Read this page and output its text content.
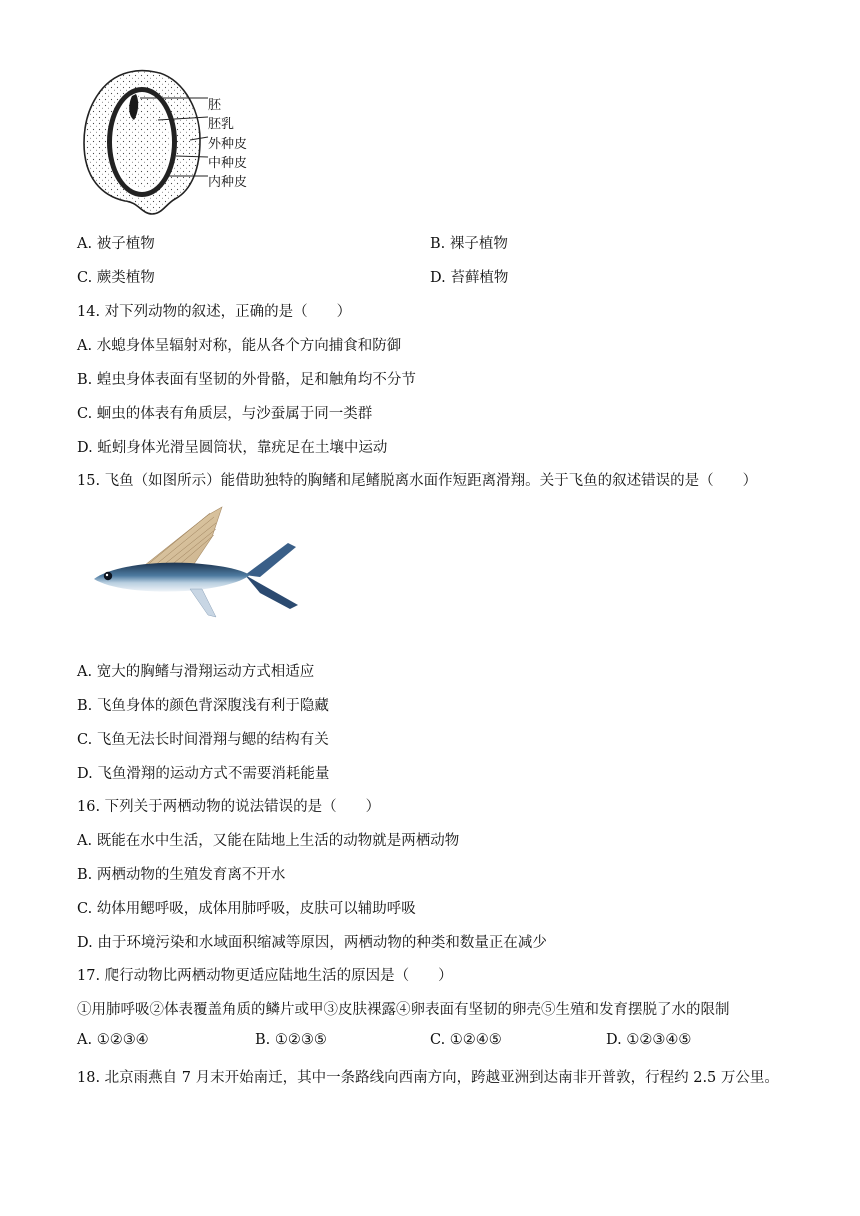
胚
胚乳
外种皮
中种皮
内种皮
A. 被子植物	B. 裸子植物
C. 蕨类植物	D. 苔藓植物
14. 对下列动物的叙述，正确的是（　　）
A. 水螅身体呈辐射对称，能从各个方向捕食和防御
B. 蝗虫身体表面有坚韧的外骨骼，足和触角均不分节
C. 蛔虫的体表有角质层，与沙蚕属于同一类群
D. 蚯蚓身体光滑呈圆筒状，靠疣足在土壤中运动
15. 飞鱼（如图所示）能借助独特的胸鳍和尾鳍脱离水面作短距离滑翔。关于飞鱼的叙述错误的是（　　）
A. 宽大的胸鳍与滑翔运动方式相适应
B. 飞鱼身体的颜色背深腹浅有利于隐藏
C. 飞鱼无法长时间滑翔与鳃的结构有关
D. 飞鱼滑翔的运动方式不需要消耗能量
16. 下列关于两栖动物的说法错误的是（　　）
A. 既能在水中生活，又能在陆地上生活的动物就是两栖动物
B. 两栖动物的生殖发育离不开水
C. 幼体用鳃呼吸，成体用肺呼吸，皮肤可以辅助呼吸
D. 由于环境污染和水域面积缩减等原因，两栖动物的种类和数量正在减少
17. 爬行动物比两栖动物更适应陆地生活的原因是（　　）
①用肺呼吸②体表覆盖角质的鳞片或甲③皮肤裸露④卵表面有坚韧的卵壳⑤生殖和发育摆脱了水的限制
A. ①②③④	B. ①②③⑤	C. ①②④⑤	D. ①②③④⑤
18. 北京雨燕自 7 月末开始南迁，其中一条路线向西南方向，跨越亚洲到达南非开普敦，行程约 2.5 万公里。
